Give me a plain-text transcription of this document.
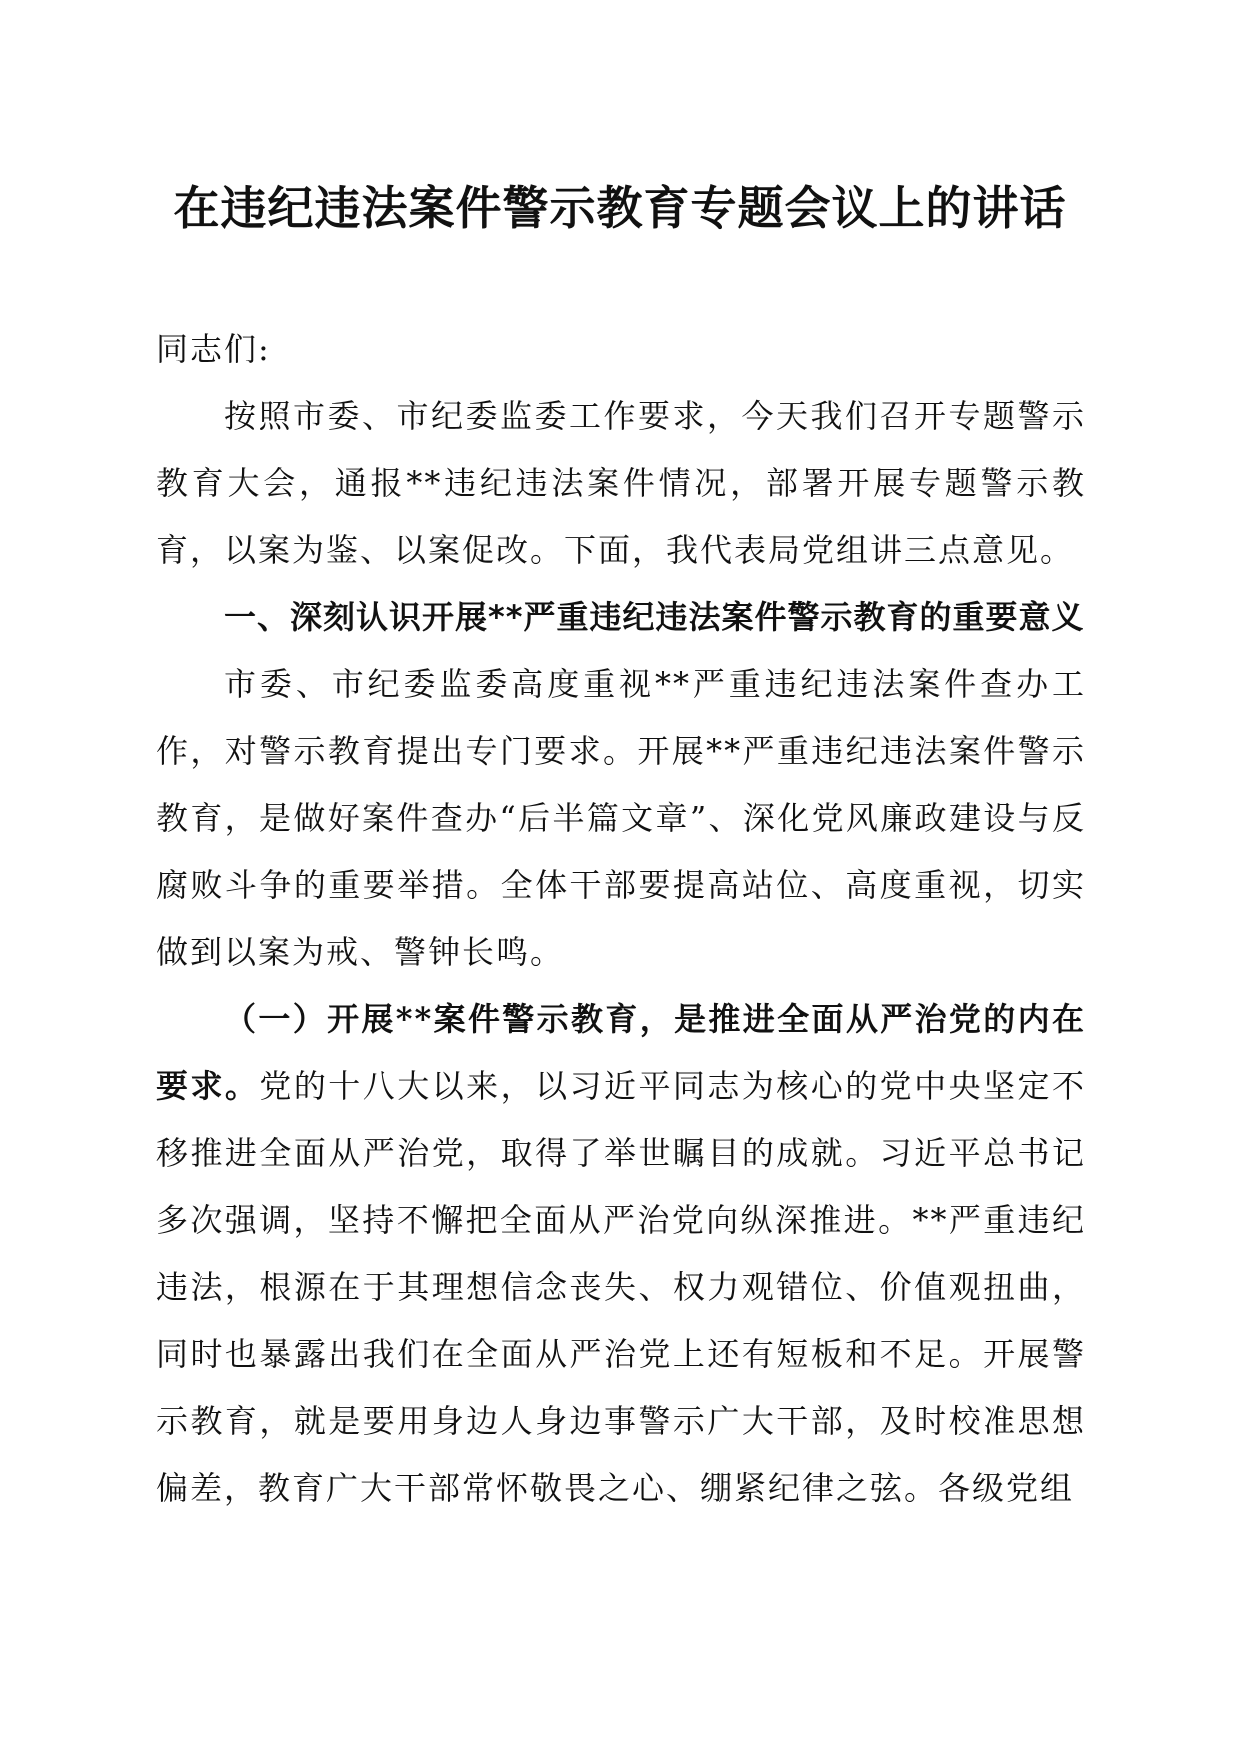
在违纪违法案件警示教育专题会议上的讲话

同志们:

按照市委、市纪委监委工作要求，今天我们召开专题警示教育大会，通报**违纪违法案件情况，部署开展专题警示教育，以案为鉴、以案促改。下面，我代表局党组讲三点意见。

一、深刻认识开展**严重违纪违法案件警示教育的重要意义

市委、市纪委监委高度重视**严重违纪违法案件查办工作，对警示教育提出专门要求。开展**严重违纪违法案件警示教育，是做好案件查办“后半篇文章”、深化党风廉政建设与反腐败斗争的重要举措。全体干部要提高站位、高度重视，切实做到以案为戒、警钟长鸣。

（一）开展**案件警示教育，是推进全面从严治党的内在要求。党的十八大以来，以习近平同志为核心的党中央坚定不移推进全面从严治党，取得了举世瞩目的成就。习近平总书记多次强调，坚持不懈把全面从严治党向纵深推进。**严重违纪违法，根源在于其理想信念丧失、权力观错位、价值观扭曲，同时也暴露出我们在全面从严治党上还有短板和不足。开展警示教育，就是要用身边人身边事警示广大干部，及时校准思想偏差，教育广大干部常怀敬畏之心、绷紧纪律之弦。各级党组
